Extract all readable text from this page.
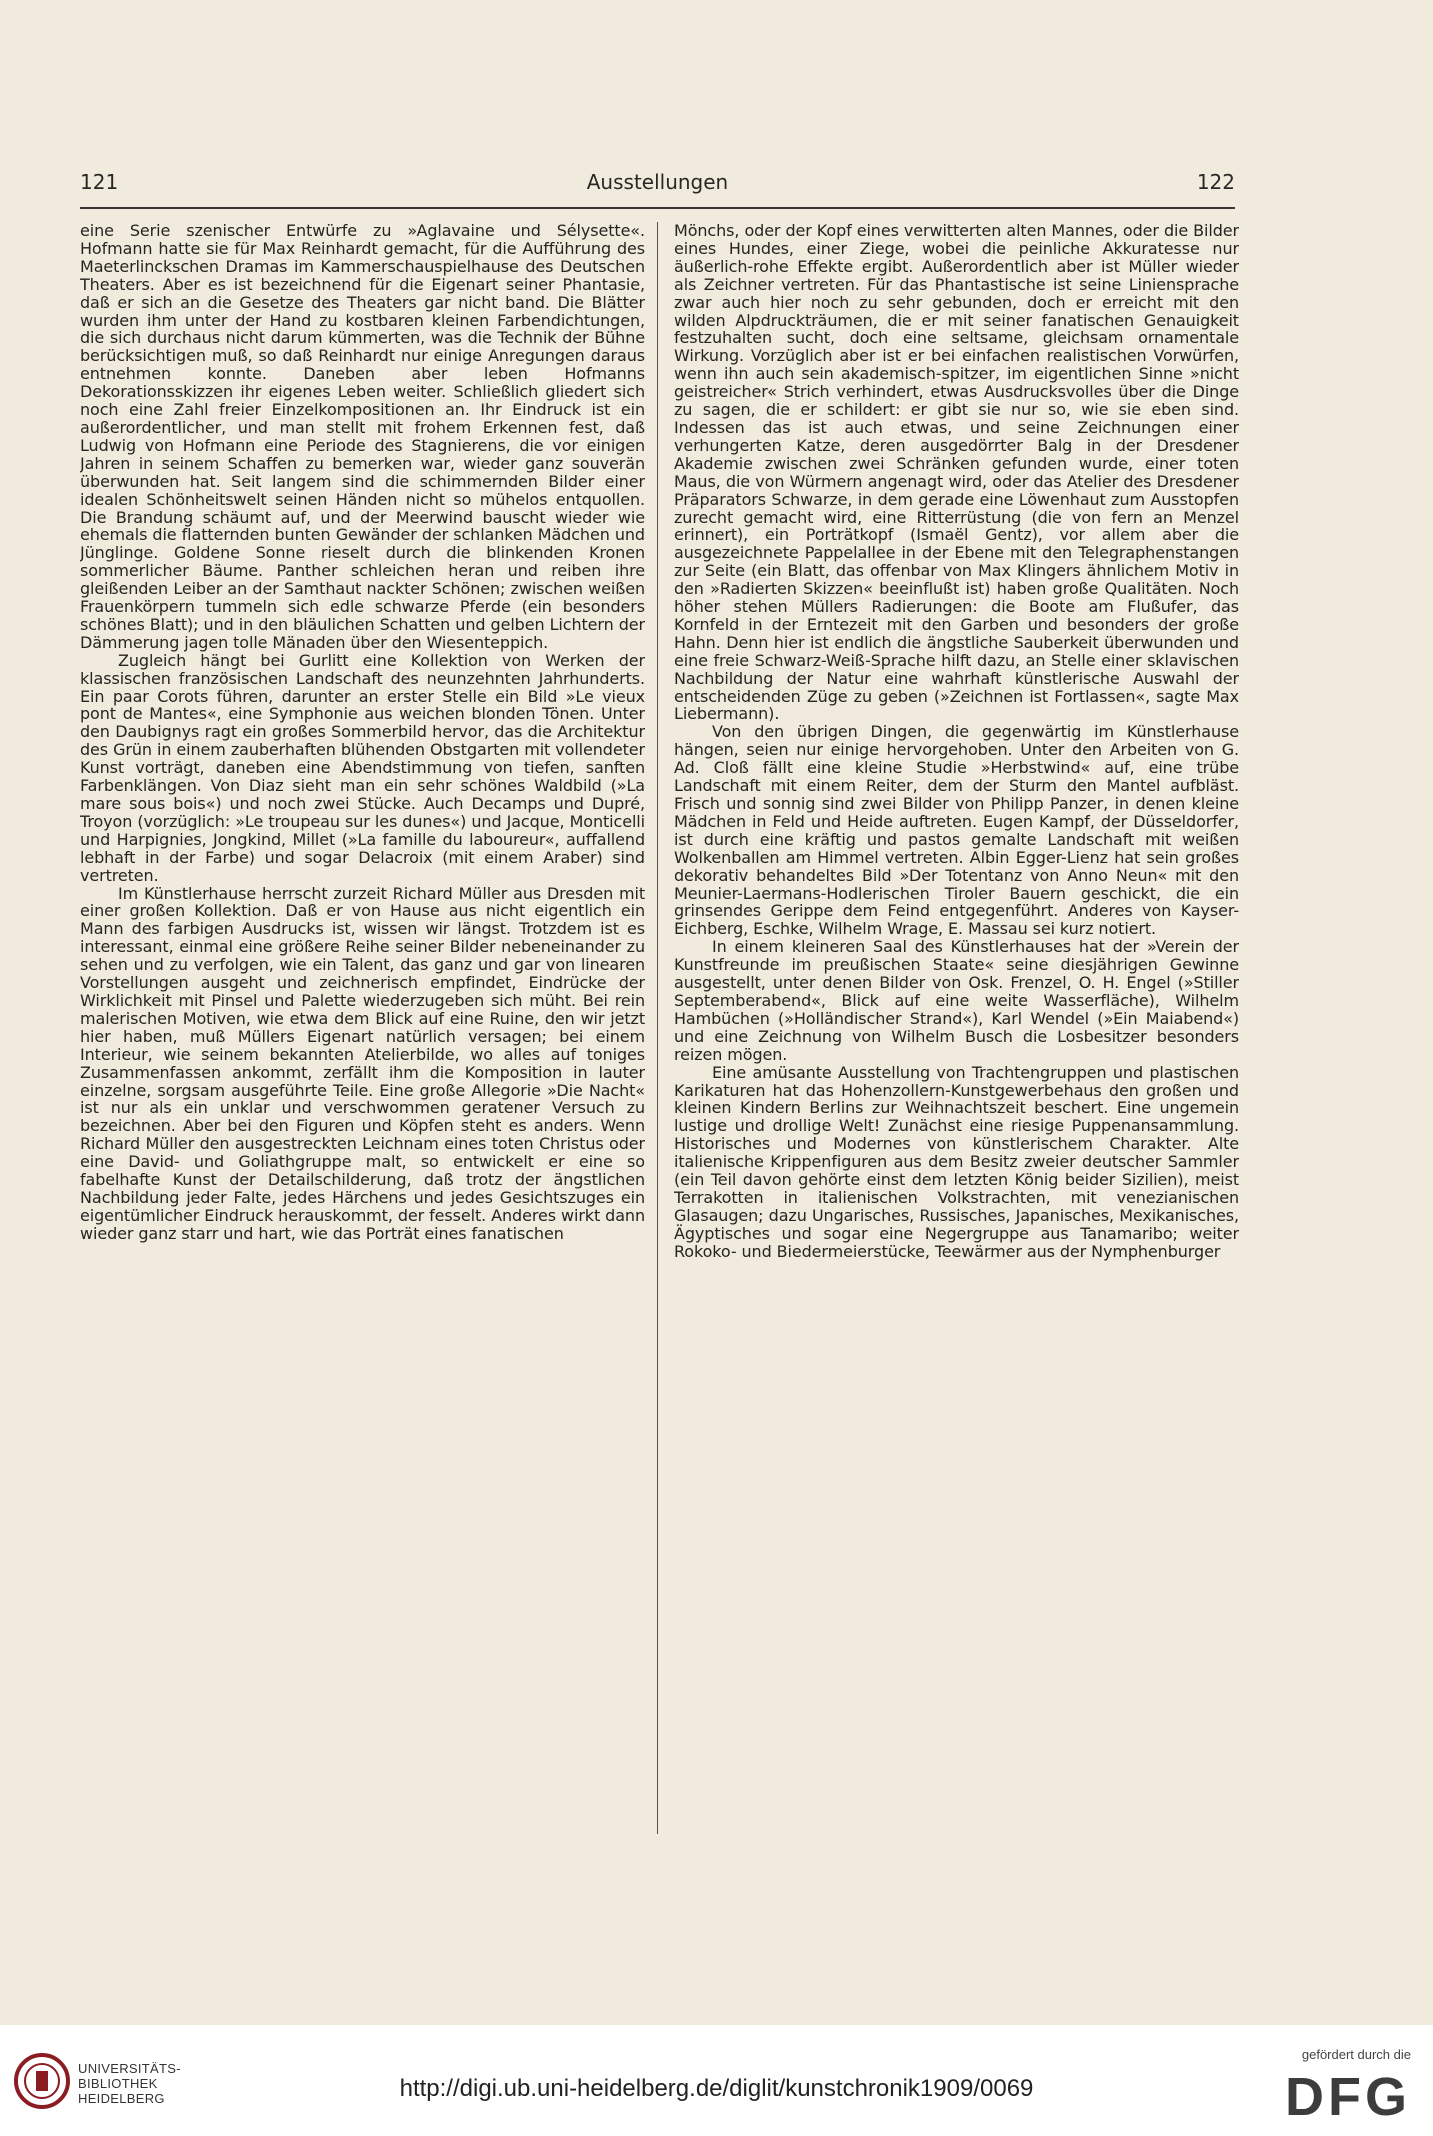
121	Ausstellungen	122

eine Serie szenischer Entwürfe zu »Aglavaine und Sélysette«. Hofmann hatte sie für Max Reinhardt gemacht, für die Aufführung des Maeterlinckschen Dramas im Kammerschauspielhause des Deutschen Theaters. Aber es ist bezeichnend für die Eigenart seiner Phantasie, daß er sich an die Gesetze des Theaters gar nicht band. Die Blätter wurden ihm unter der Hand zu kostbaren kleinen Farbendichtungen, die sich durchaus nicht darum kümmerten, was die Technik der Bühne berücksichtigen muß, so daß Reinhardt nur einige Anregungen daraus entnehmen konnte. Daneben aber leben Hofmanns Dekorationsskizzen ihr eigenes Leben weiter. Schließlich gliedert sich noch eine Zahl freier Einzelkompositionen an. Ihr Eindruck ist ein außerordentlicher, und man stellt mit frohem Erkennen fest, daß Ludwig von Hofmann eine Periode des Stagnierens, die vor einigen Jahren in seinem Schaffen zu bemerken war, wieder ganz souverän überwunden hat. Seit langem sind die schimmernden Bilder einer idealen Schönheitswelt seinen Händen nicht so mühelos entquollen. Die Brandung schäumt auf, und der Meerwind bauscht wieder wie ehemals die flatternden bunten Gewänder der schlanken Mädchen und Jünglinge. Goldene Sonne rieselt durch die blinkenden Kronen sommerlicher Bäume. Panther schleichen heran und reiben ihre gleißenden Leiber an der Samthaut nackter Schönen; zwischen weißen Frauenkörpern tummeln sich edle schwarze Pferde (ein besonders schönes Blatt); und in den bläulichen Schatten und gelben Lichtern der Dämmerung jagen tolle Mänaden über den Wiesenteppich.

Zugleich hängt bei Gurlitt eine Kollektion von Werken der klassischen französischen Landschaft des neunzehnten Jahrhunderts. Ein paar Corots führen, darunter an erster Stelle ein Bild »Le vieux pont de Mantes«, eine Symphonie aus weichen blonden Tönen. Unter den Daubignys ragt ein großes Sommerbild hervor, das die Architektur des Grün in einem zauberhaften blühenden Obstgarten mit vollendeter Kunst vorträgt, daneben eine Abendstimmung von tiefen, sanften Farbenklängen. Von Diaz sieht man ein sehr schönes Waldbild (»La mare sous bois«) und noch zwei Stücke. Auch Decamps und Dupré, Troyon (vorzüglich: »Le troupeau sur les dunes«) und Jacque, Monticelli und Harpignies, Jongkind, Millet (»La famille du laboureur«, auffallend lebhaft in der Farbe) und sogar Delacroix (mit einem Araber) sind vertreten.

Im Künstlerhause herrscht zurzeit Richard Müller aus Dresden mit einer großen Kollektion. Daß er von Hause aus nicht eigentlich ein Mann des farbigen Ausdrucks ist, wissen wir längst. Trotzdem ist es interessant, einmal eine größere Reihe seiner Bilder nebeneinander zu sehen und zu verfolgen, wie ein Talent, das ganz und gar von linearen Vorstellungen ausgeht und zeichnerisch empfindet, Eindrücke der Wirklichkeit mit Pinsel und Palette wiederzugeben sich müht. Bei rein malerischen Motiven, wie etwa dem Blick auf eine Ruine, den wir jetzt hier haben, muß Müllers Eigenart natürlich versagen; bei einem Interieur, wie seinem bekannten Atelierbilde, wo alles auf toniges Zusammenfassen ankommt, zerfällt ihm die Komposition in lauter einzelne, sorgsam ausgeführte Teile. Eine große Allegorie »Die Nacht« ist nur als ein unklar und verschwommen geratener Versuch zu bezeichnen. Aber bei den Figuren und Köpfen steht es anders. Wenn Richard Müller den ausgestreckten Leichnam eines toten Christus oder eine David- und Goliathgruppe malt, so entwickelt er eine so fabelhafte Kunst der Detailschilderung, daß trotz der ängstlichen Nachbildung jeder Falte, jedes Härchens und jedes Gesichtszuges ein eigentümlicher Eindruck herauskommt, der fesselt. Anderes wirkt dann wieder ganz starr und hart, wie das Porträt eines fanatischen

Mönchs, oder der Kopf eines verwitterten alten Mannes, oder die Bilder eines Hundes, einer Ziege, wobei die peinliche Akkuratesse nur äußerlich-rohe Effekte ergibt. Außerordentlich aber ist Müller wieder als Zeichner vertreten. Für das Phantastische ist seine Liniensprache zwar auch hier noch zu sehr gebunden, doch er erreicht mit den wilden Alpdruckträumen, die er mit seiner fanatischen Genauigkeit festzuhalten sucht, doch eine seltsame, gleichsam ornamentale Wirkung. Vorzüglich aber ist er bei einfachen realistischen Vorwürfen, wenn ihn auch sein akademisch-spitzer, im eigentlichen Sinne »nicht geistreicher« Strich verhindert, etwas Ausdrucksvolles über die Dinge zu sagen, die er schildert: er gibt sie nur so, wie sie eben sind. Indessen das ist auch etwas, und seine Zeichnungen einer verhungerten Katze, deren ausgedörrter Balg in der Dresdener Akademie zwischen zwei Schränken gefunden wurde, einer toten Maus, die von Würmern angenagt wird, oder das Atelier des Dresdener Präparators Schwarze, in dem gerade eine Löwenhaut zum Ausstopfen zurecht gemacht wird, eine Ritterrüstung (die von fern an Menzel erinnert), ein Porträtkopf (Ismaël Gentz), vor allem aber die ausgezeichnete Pappelallee in der Ebene mit den Telegraphenstangen zur Seite (ein Blatt, das offenbar von Max Klingers ähnlichem Motiv in den »Radierten Skizzen« beeinflußt ist) haben große Qualitäten. Noch höher stehen Müllers Radierungen: die Boote am Flußufer, das Kornfeld in der Erntezeit mit den Garben und besonders der große Hahn. Denn hier ist endlich die ängstliche Sauberkeit überwunden und eine freie Schwarz-Weiß-Sprache hilft dazu, an Stelle einer sklavischen Nachbildung der Natur eine wahrhaft künstlerische Auswahl der entscheidenden Züge zu geben (»Zeichnen ist Fortlassen«, sagte Max Liebermann).

Von den übrigen Dingen, die gegenwärtig im Künstlerhause hängen, seien nur einige hervorgehoben. Unter den Arbeiten von G. Ad. Cloß fällt eine kleine Studie »Herbstwind« auf, eine trübe Landschaft mit einem Reiter, dem der Sturm den Mantel aufbläst. Frisch und sonnig sind zwei Bilder von Philipp Panzer, in denen kleine Mädchen in Feld und Heide auftreten. Eugen Kampf, der Düsseldorfer, ist durch eine kräftig und pastos gemalte Landschaft mit weißen Wolkenballen am Himmel vertreten. Albin Egger-Lienz hat sein großes dekorativ behandeltes Bild »Der Totentanz von Anno Neun« mit den Meunier-Laermans-Hodlerischen Tiroler Bauern geschickt, die ein grinsendes Gerippe dem Feind entgegenführt. Anderes von Kayser-Eichberg, Eschke, Wilhelm Wrage, E. Massau sei kurz notiert.

In einem kleineren Saal des Künstlerhauses hat der »Verein der Kunstfreunde im preußischen Staate« seine diesjährigen Gewinne ausgestellt, unter denen Bilder von Osk. Frenzel, O. H. Engel (»Stiller Septemberabend«, Blick auf eine weite Wasserfläche), Wilhelm Hambüchen (»Holländischer Strand«), Karl Wendel (»Ein Maiabend«) und eine Zeichnung von Wilhelm Busch die Losbesitzer besonders reizen mögen.

Eine amüsante Ausstellung von Trachtengruppen und plastischen Karikaturen hat das Hohenzollern-Kunstgewerbehaus den großen und kleinen Kindern Berlins zur Weihnachtszeit beschert. Eine ungemein lustige und drollige Welt! Zunächst eine riesige Puppenansammlung. Historisches und Modernes von künstlerischem Charakter. Alte italienische Krippenfiguren aus dem Besitz zweier deutscher Sammler (ein Teil davon gehörte einst dem letzten König beider Sizilien), meist Terrakotten in italienischen Volkstrachten, mit venezianischen Glasaugen; dazu Ungarisches, Russisches, Japanisches, Mexikanisches, Ägyptisches und sogar eine Negergruppe aus Tanamaribo; weiter Rokoko- und Biedermeierstücke, Teewärmer aus der Nymphenburger

UNIVERSITÄTS-
BIBLIOTHEK
HEIDELBERG	http://digi.ub.uni-heidelberg.de/diglit/kunstchronik1909/0069
gefördert durch die
DFG
